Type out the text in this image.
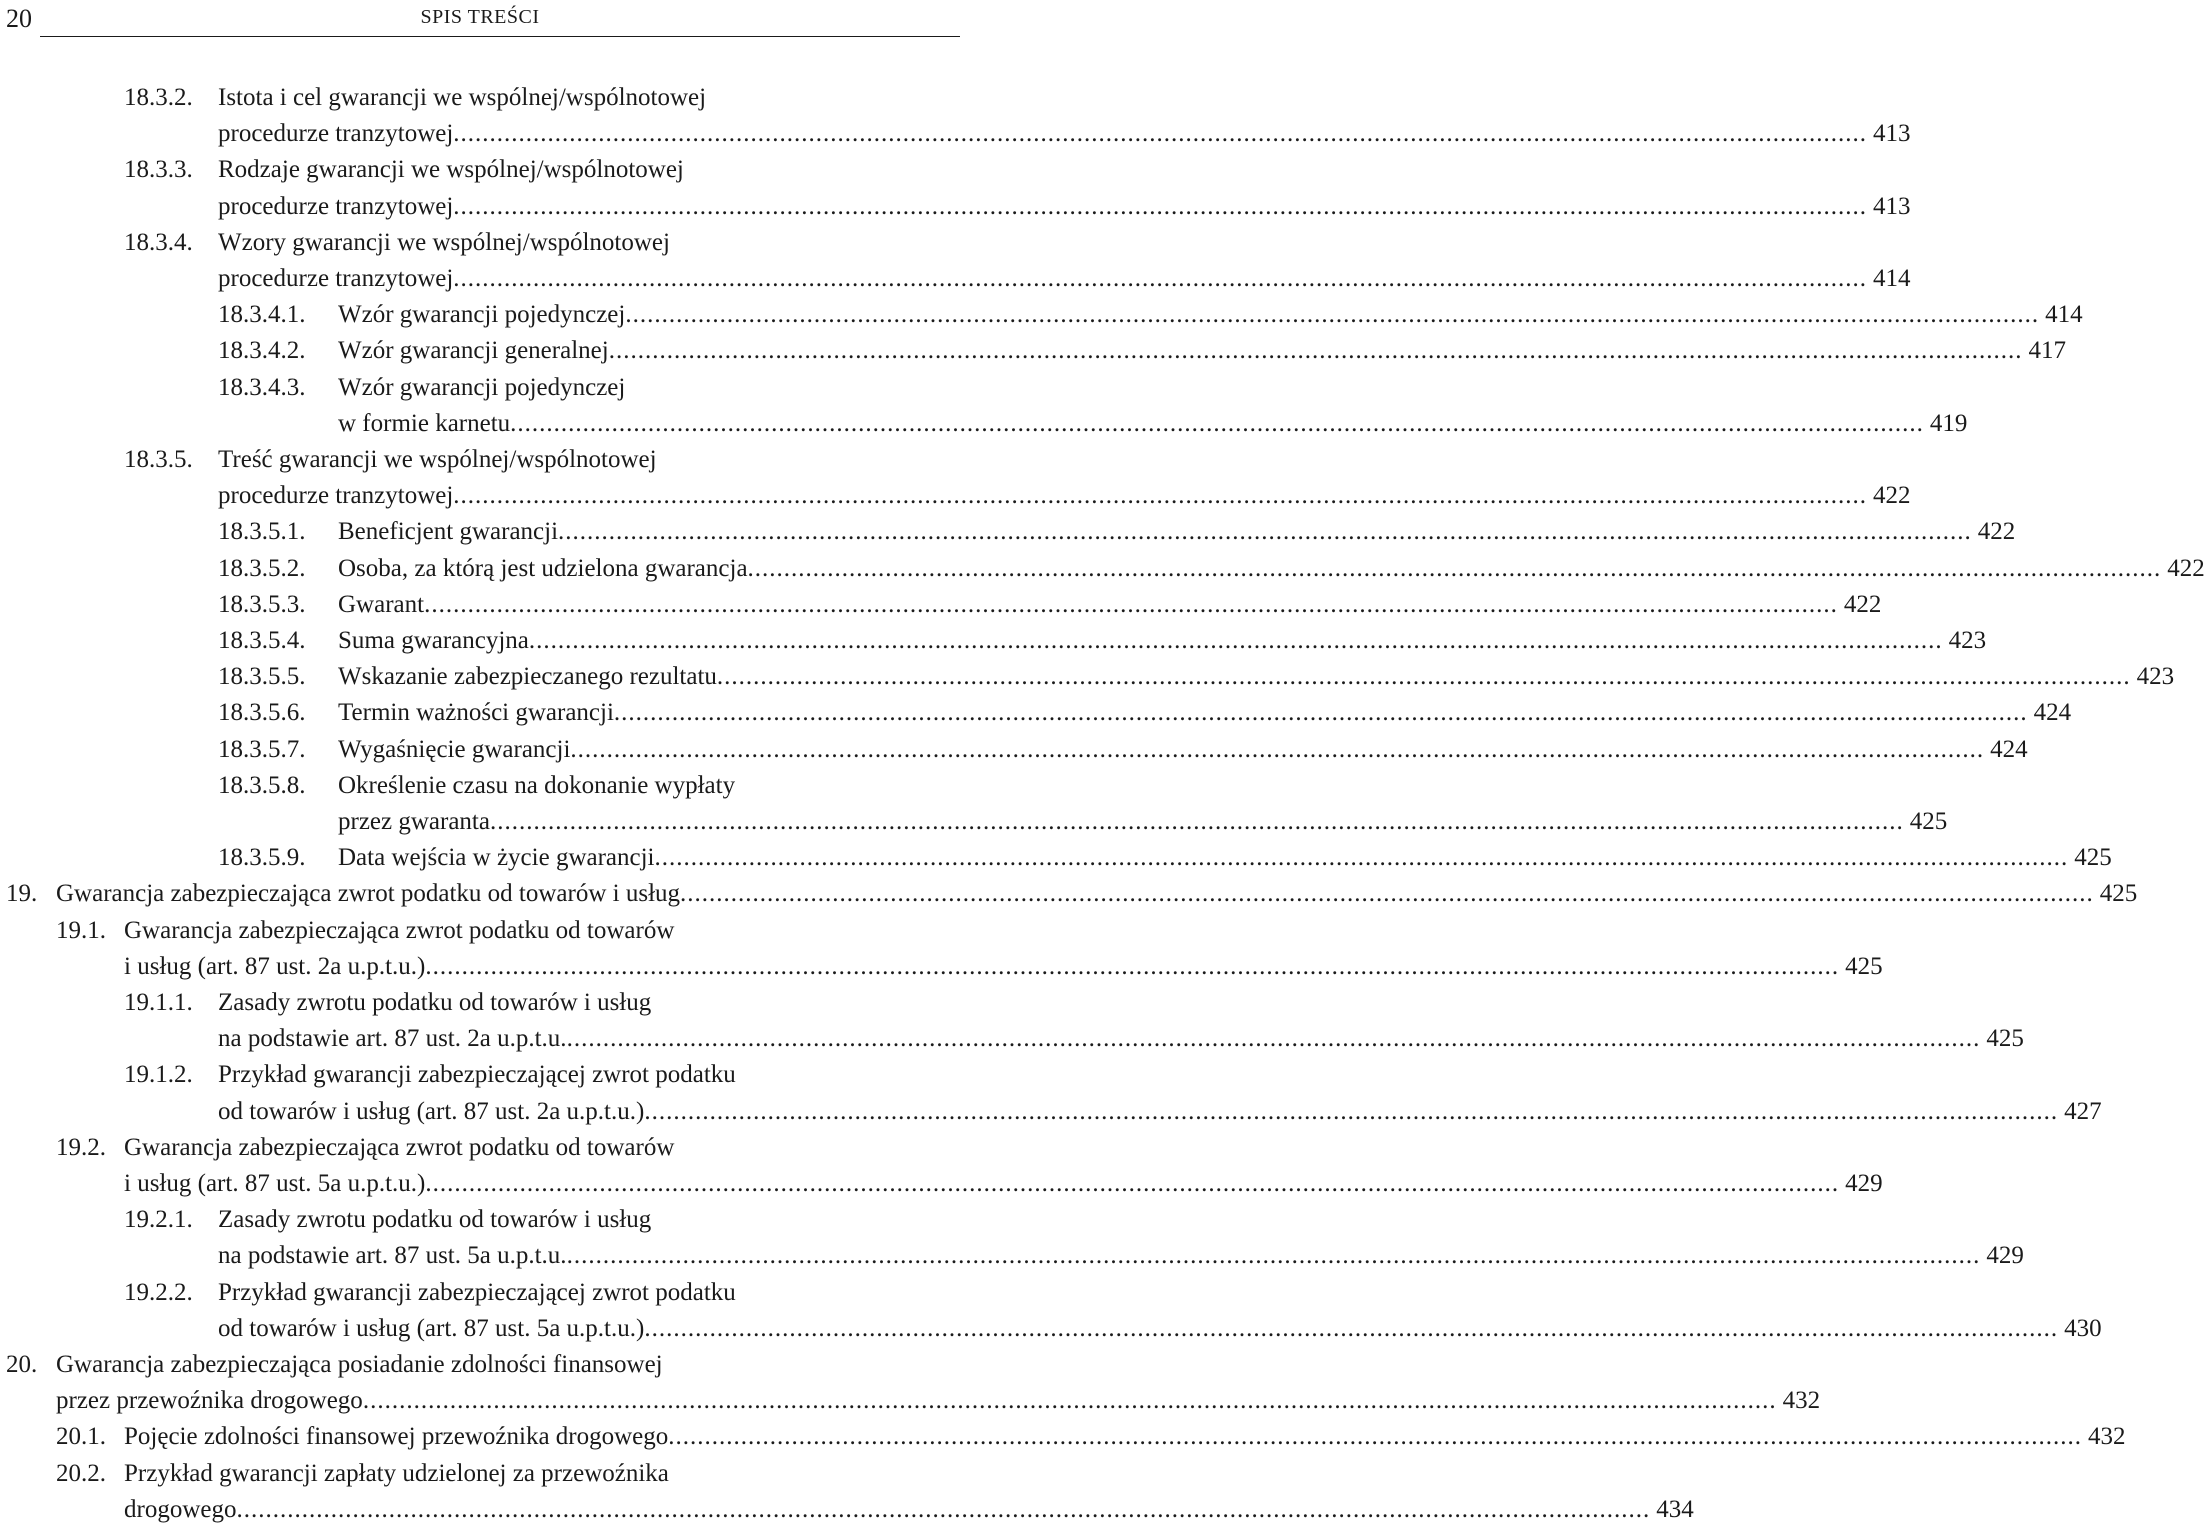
20	SPIS TREŚCI
18.3.2. Istota i cel gwarancji we wspólnej/wspólnotowej
procedurze tranzytowej ................................................................................................................................................................................................... 413
18.3.3. Rodzaje gwarancji we wspólnej/wspólnotowej
procedurze tranzytowej ................................................................................................................................................................................................... 413
18.3.4. Wzory gwarancji we wspólnej/wspólnotowej
procedurze tranzytowej ................................................................................................................................................................................................... 414
18.3.4.1. Wzór gwarancji pojedynczej ................................................................................................................................................................................................... 414
18.3.4.2. Wzór gwarancji generalnej ................................................................................................................................................................................................... 417
18.3.4.3. Wzór gwarancji pojedynczej
w formie karnetu ................................................................................................................................................................................................... 419
18.3.5. Treść gwarancji we wspólnej/wspólnotowej
procedurze tranzytowej ................................................................................................................................................................................................... 422
18.3.5.1. Beneficjent gwarancji ................................................................................................................................................................................................... 422
18.3.5.2. Osoba, za którą jest udzielona gwarancja ................................................................................................................................................................................................... 422
18.3.5.3. Gwarant ................................................................................................................................................................................................... 422
18.3.5.4. Suma gwarancyjna ................................................................................................................................................................................................... 423
18.3.5.5. Wskazanie zabezpieczanego rezultatu ................................................................................................................................................................................................... 423
18.3.5.6. Termin ważności gwarancji ................................................................................................................................................................................................... 424
18.3.5.7. Wygaśnięcie gwarancji ................................................................................................................................................................................................... 424
18.3.5.8. Określenie czasu na dokonanie wypłaty
przez gwaranta ................................................................................................................................................................................................... 425
18.3.5.9. Data wejścia w życie gwarancji ................................................................................................................................................................................................... 425
19. Gwarancja zabezpieczająca zwrot podatku od towarów i usług ................................................................................................................................................................................................... 425
19.1. Gwarancja zabezpieczająca zwrot podatku od towarów
i usług (art. 87 ust. 2a u.p.t.u.) ................................................................................................................................................................................................... 425
19.1.1. Zasady zwrotu podatku od towarów i usług
na podstawie art. 87 ust. 2a u.p.t.u. ................................................................................................................................................................................................... 425
19.1.2. Przykład gwarancji zabezpieczającej zwrot podatku
od towarów i usług (art. 87 ust. 2a u.p.t.u.) ................................................................................................................................................................................................... 427
19.2. Gwarancja zabezpieczająca zwrot podatku od towarów
i usług (art. 87 ust. 5a u.p.t.u.) ................................................................................................................................................................................................... 429
19.2.1. Zasady zwrotu podatku od towarów i usług
na podstawie art. 87 ust. 5a u.p.t.u. ................................................................................................................................................................................................... 429
19.2.2. Przykład gwarancji zabezpieczającej zwrot podatku
od towarów i usług (art. 87 ust. 5a u.p.t.u.) ................................................................................................................................................................................................... 430
20. Gwarancja zabezpieczająca posiadanie zdolności finansowej
przez przewoźnika drogowego ................................................................................................................................................................................................... 432
20.1. Pojęcie zdolności finansowej przewoźnika drogowego ................................................................................................................................................................................................... 432
20.2. Przykład gwarancji zapłaty udzielonej za przewoźnika
drogowego ................................................................................................................................................................................................... 434
